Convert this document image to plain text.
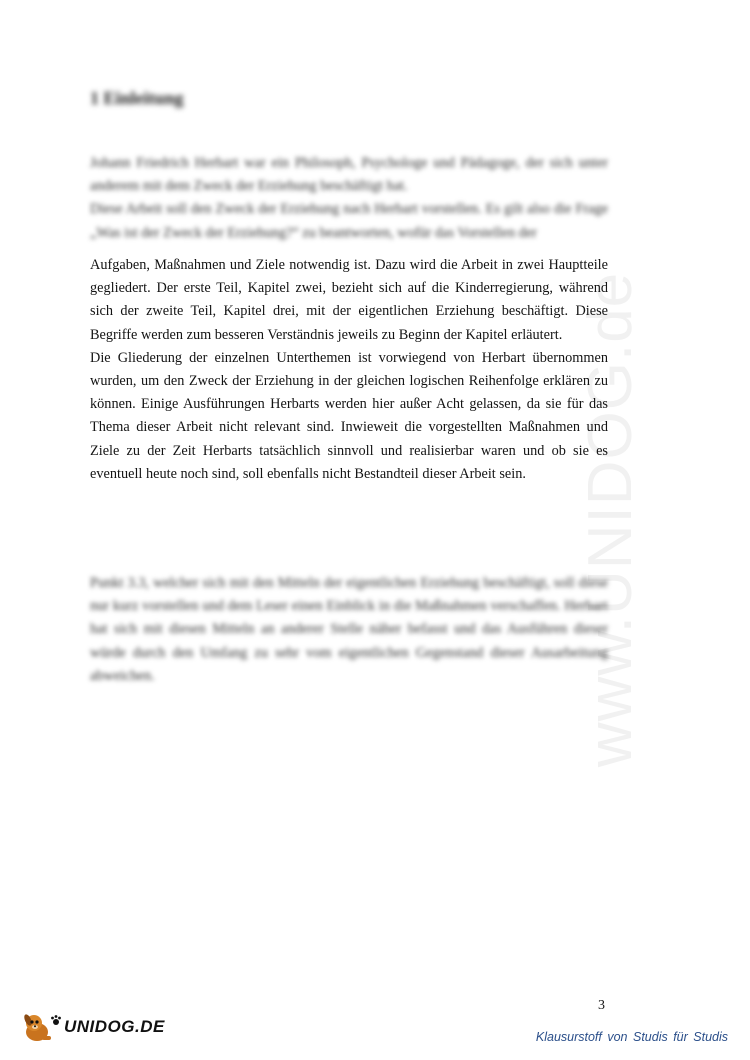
www.UNIDOG.de
1 Einleitung

Johann Friedrich Herbart war ein Philosoph, Psychologe und Pädagoge, der sich unter anderem mit dem Zweck der Erziehung beschäftigt hat.

Diese Arbeit soll den Zweck der Erziehung nach Herbart vorstellen. Es gilt also die Frage „Was ist der Zweck der Erziehung?“ zu beantworten, wofür das Vorstellen der

Aufgaben, Maßnahmen und Ziele notwendig ist. Dazu wird die Arbeit in zwei Hauptteile gegliedert. Der erste Teil, Kapitel zwei, bezieht sich auf die Kinderregierung, während sich der zweite Teil, Kapitel drei, mit der eigentlichen Erziehung beschäftigt. Diese Begriffe werden zum besseren Verständnis jeweils zu Beginn der Kapitel erläutert.

Die Gliederung der einzelnen Unterthemen ist vorwiegend von Herbart übernommen wurden, um den Zweck der Erziehung in der gleichen logischen Reihenfolge erklären zu können. Einige Ausführungen Herbarts werden hier außer Acht gelassen, da sie für das Thema dieser Arbeit nicht relevant sind. Inwieweit die vorgestellten Maßnahmen und Ziele zu der Zeit Herbarts tatsächlich sinnvoll und realisierbar waren und ob sie es eventuell heute noch sind, soll ebenfalls nicht Bestandteil dieser Arbeit sein.

Punkt 3.3, welcher sich mit den Mitteln der eigentlichen Erziehung beschäftigt, soll diese nur kurz vorstellen und dem Leser einen Einblick in die Maßnahmen verschaffen. Herbart hat sich mit diesen Mitteln an anderer Stelle näher befasst und das Ausführen dieser würde durch den Umfang zu sehr vom eigentlichen Gegenstand dieser Ausarbeitung abweichen.

3
UNIDOG.DE
Klausurstoff von Studis für Studis
